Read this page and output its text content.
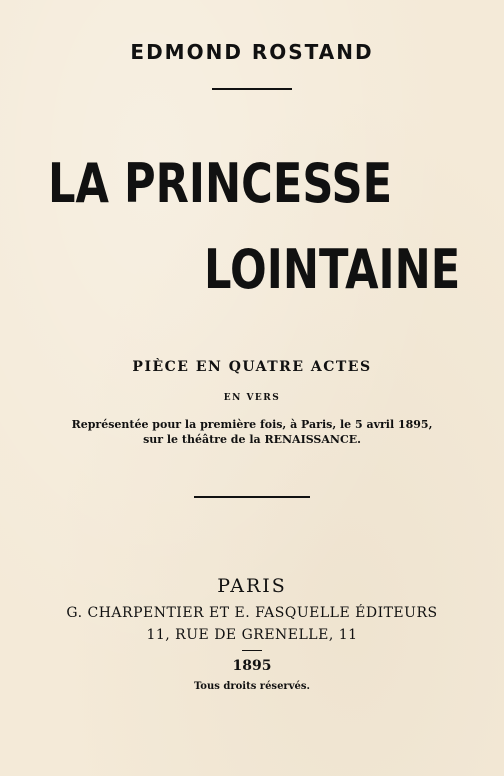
EDMOND ROSTAND
LA PRINCESSE
LOINTAINE
PIÈCE EN QUATRE ACTES
EN VERS
Représentée pour la première fois, à Paris, le 5 avril 1895,
sur le théâtre de la RENAISSANCE.
PARIS
G. CHARPENTIER ET E. FASQUELLE ÉDITEURS
11, RUE DE GRENELLE, 11
1895
Tous droits réservés.
